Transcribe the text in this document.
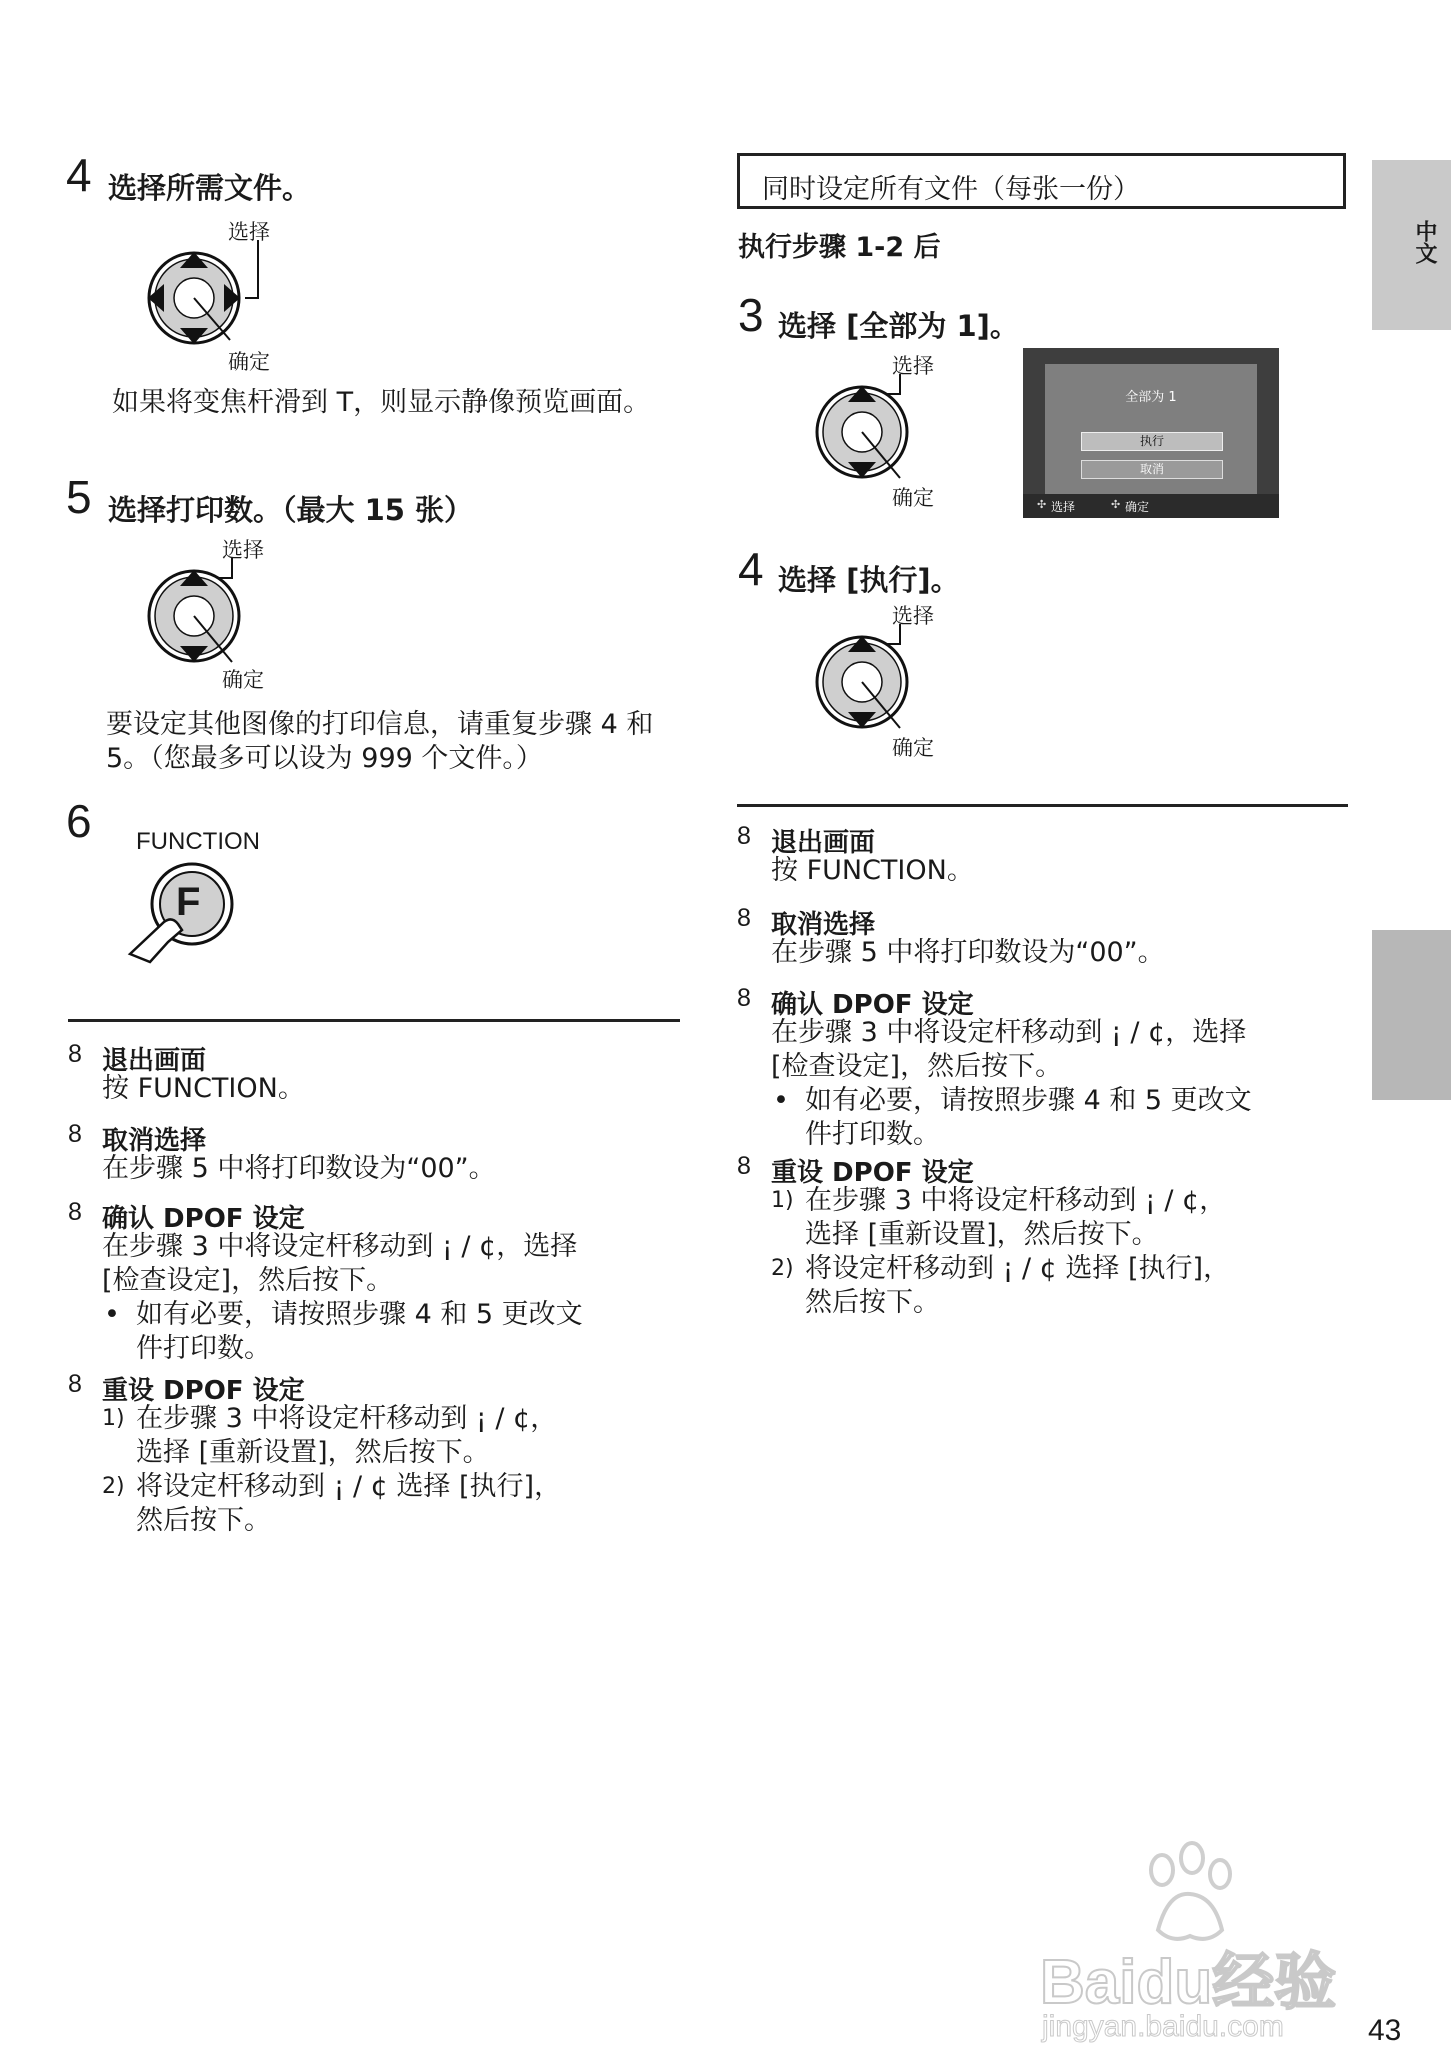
中文
4 选择所需文件。
选择
确定
如果将变焦杆滑到 T，则显示静像预览画面。
5 选择打印数。（最大 15 张）
选择
确定
要设定其他图像的打印信息，请重复步骤 4 和 5。（您最多可以设为 999 个文件。）
6 FUNCTION
F
8 退出画面
按 FUNCTION。
8 取消选择
在步骤 5 中将打印数设为“00”。
8 确认 DPOF 设定
在步骤 3 中将设定杆移动到 ¡ / ¢，选择
[检查设定]，然后按下。
• 如有必要，请按照步骤 4 和 5 更改文
件打印数。
8 重设 DPOF 设定
1) 在步骤 3 中将设定杆移动到 ¡ / ¢，
选择 [重新设置]，然后按下。
2) 将设定杆移动到 ¡ / ¢ 选择 [执行]，
然后按下。
同时设定所有文件（每张一份）
执行步骤 1-2 后
3 选择 [全部为 1]。
选择
确定
全部为 1
执行
取消
✣ 选择	✣ 确定
4 选择 [执行]。
选择
确定
8 退出画面
按 FUNCTION。
8 取消选择
在步骤 5 中将打印数设为“00”。
8 确认 DPOF 设定
在步骤 3 中将设定杆移动到 ¡ / ¢，选择
[检查设定]，然后按下。
• 如有必要，请按照步骤 4 和 5 更改文
件打印数。
8 重设 DPOF 设定
1) 在步骤 3 中将设定杆移动到 ¡ / ¢，
选择 [重新设置]，然后按下。
2) 将设定杆移动到 ¡ / ¢ 选择 [执行]，
然后按下。
Baidu经验
jingyan.baidu.com	43
